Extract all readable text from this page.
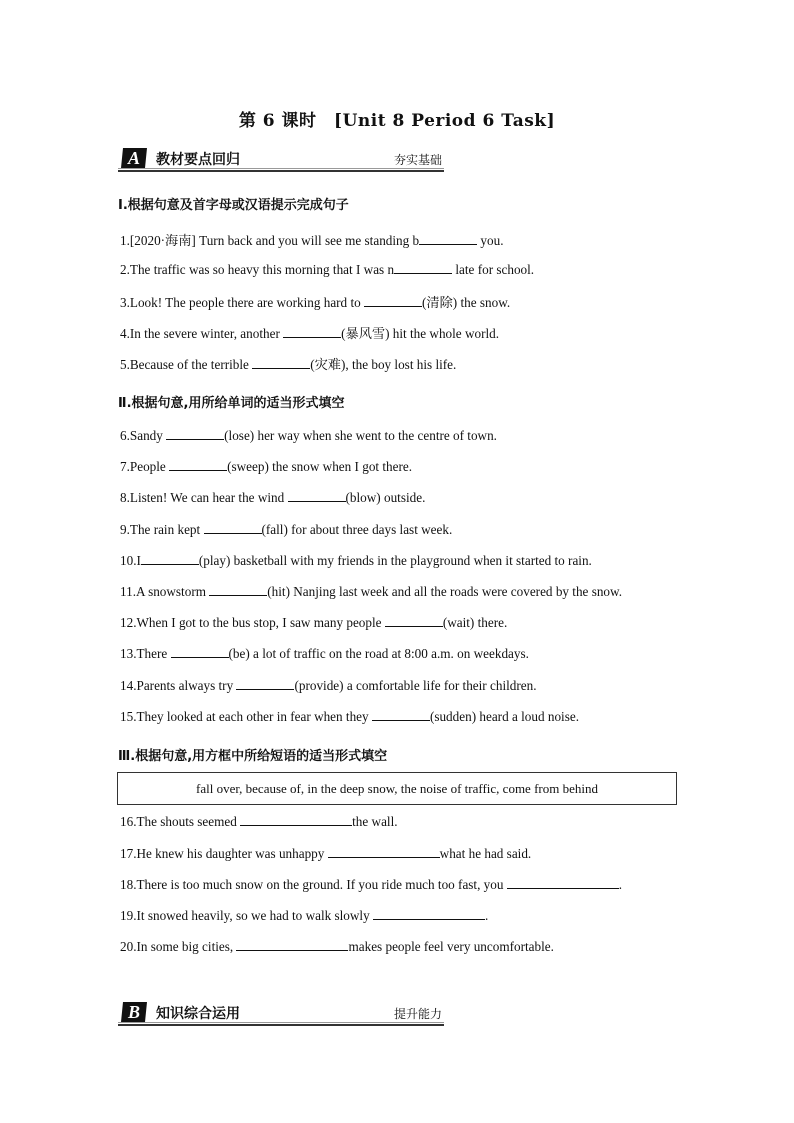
第 6 课时　[Unit 8 Period 6 Task]
A 教材要点回归	夯实基础
Ⅰ.根据句意及首字母或汉语提示完成句子
1.[2020·海南] Turn back and you will see me standing b	you.
2.The traffic was so heavy this morning that I was n	late for school.
3.Look! The people there are working hard to	(清除) the snow.
4.In the severe winter, another	(暴风雪) hit the whole world.
5.Because of the terrible	(灾难), the boy lost his life.
Ⅱ.根据句意,用所给单词的适当形式填空
6.Sandy	(lose) her way when she went to the centre of town.
7.People	(sweep) the snow when I got there.
8.Listen! We can hear the wind	(blow) outside.
9.The rain kept	(fall) for about three days last week.
10.I	(play) basketball with my friends in the playground when it started to rain.
11.A snowstorm	(hit) Nanjing last week and all the roads were covered by the snow.
12.When I got to the bus stop, I saw many people	(wait) there.
13.There	(be) a lot of traffic on the road at 8:00 a.m. on weekdays.
14.Parents always try	(provide) a comfortable life for their children.
15.They looked at each other in fear when they	(sudden) heard a loud noise.
Ⅲ.根据句意,用方框中所给短语的适当形式填空
fall over, because of, in the deep snow, the noise of traffic, come from behind
16.The shouts seemed	the wall.
17.He knew his daughter was unhappy	what he had said.
18.There is too much snow on the ground. If you ride much too fast, you	.
19.It snowed heavily, so we had to walk slowly	.
20.In some big cities,	makes people feel very uncomfortable.
B 知识综合运用	提升能力
